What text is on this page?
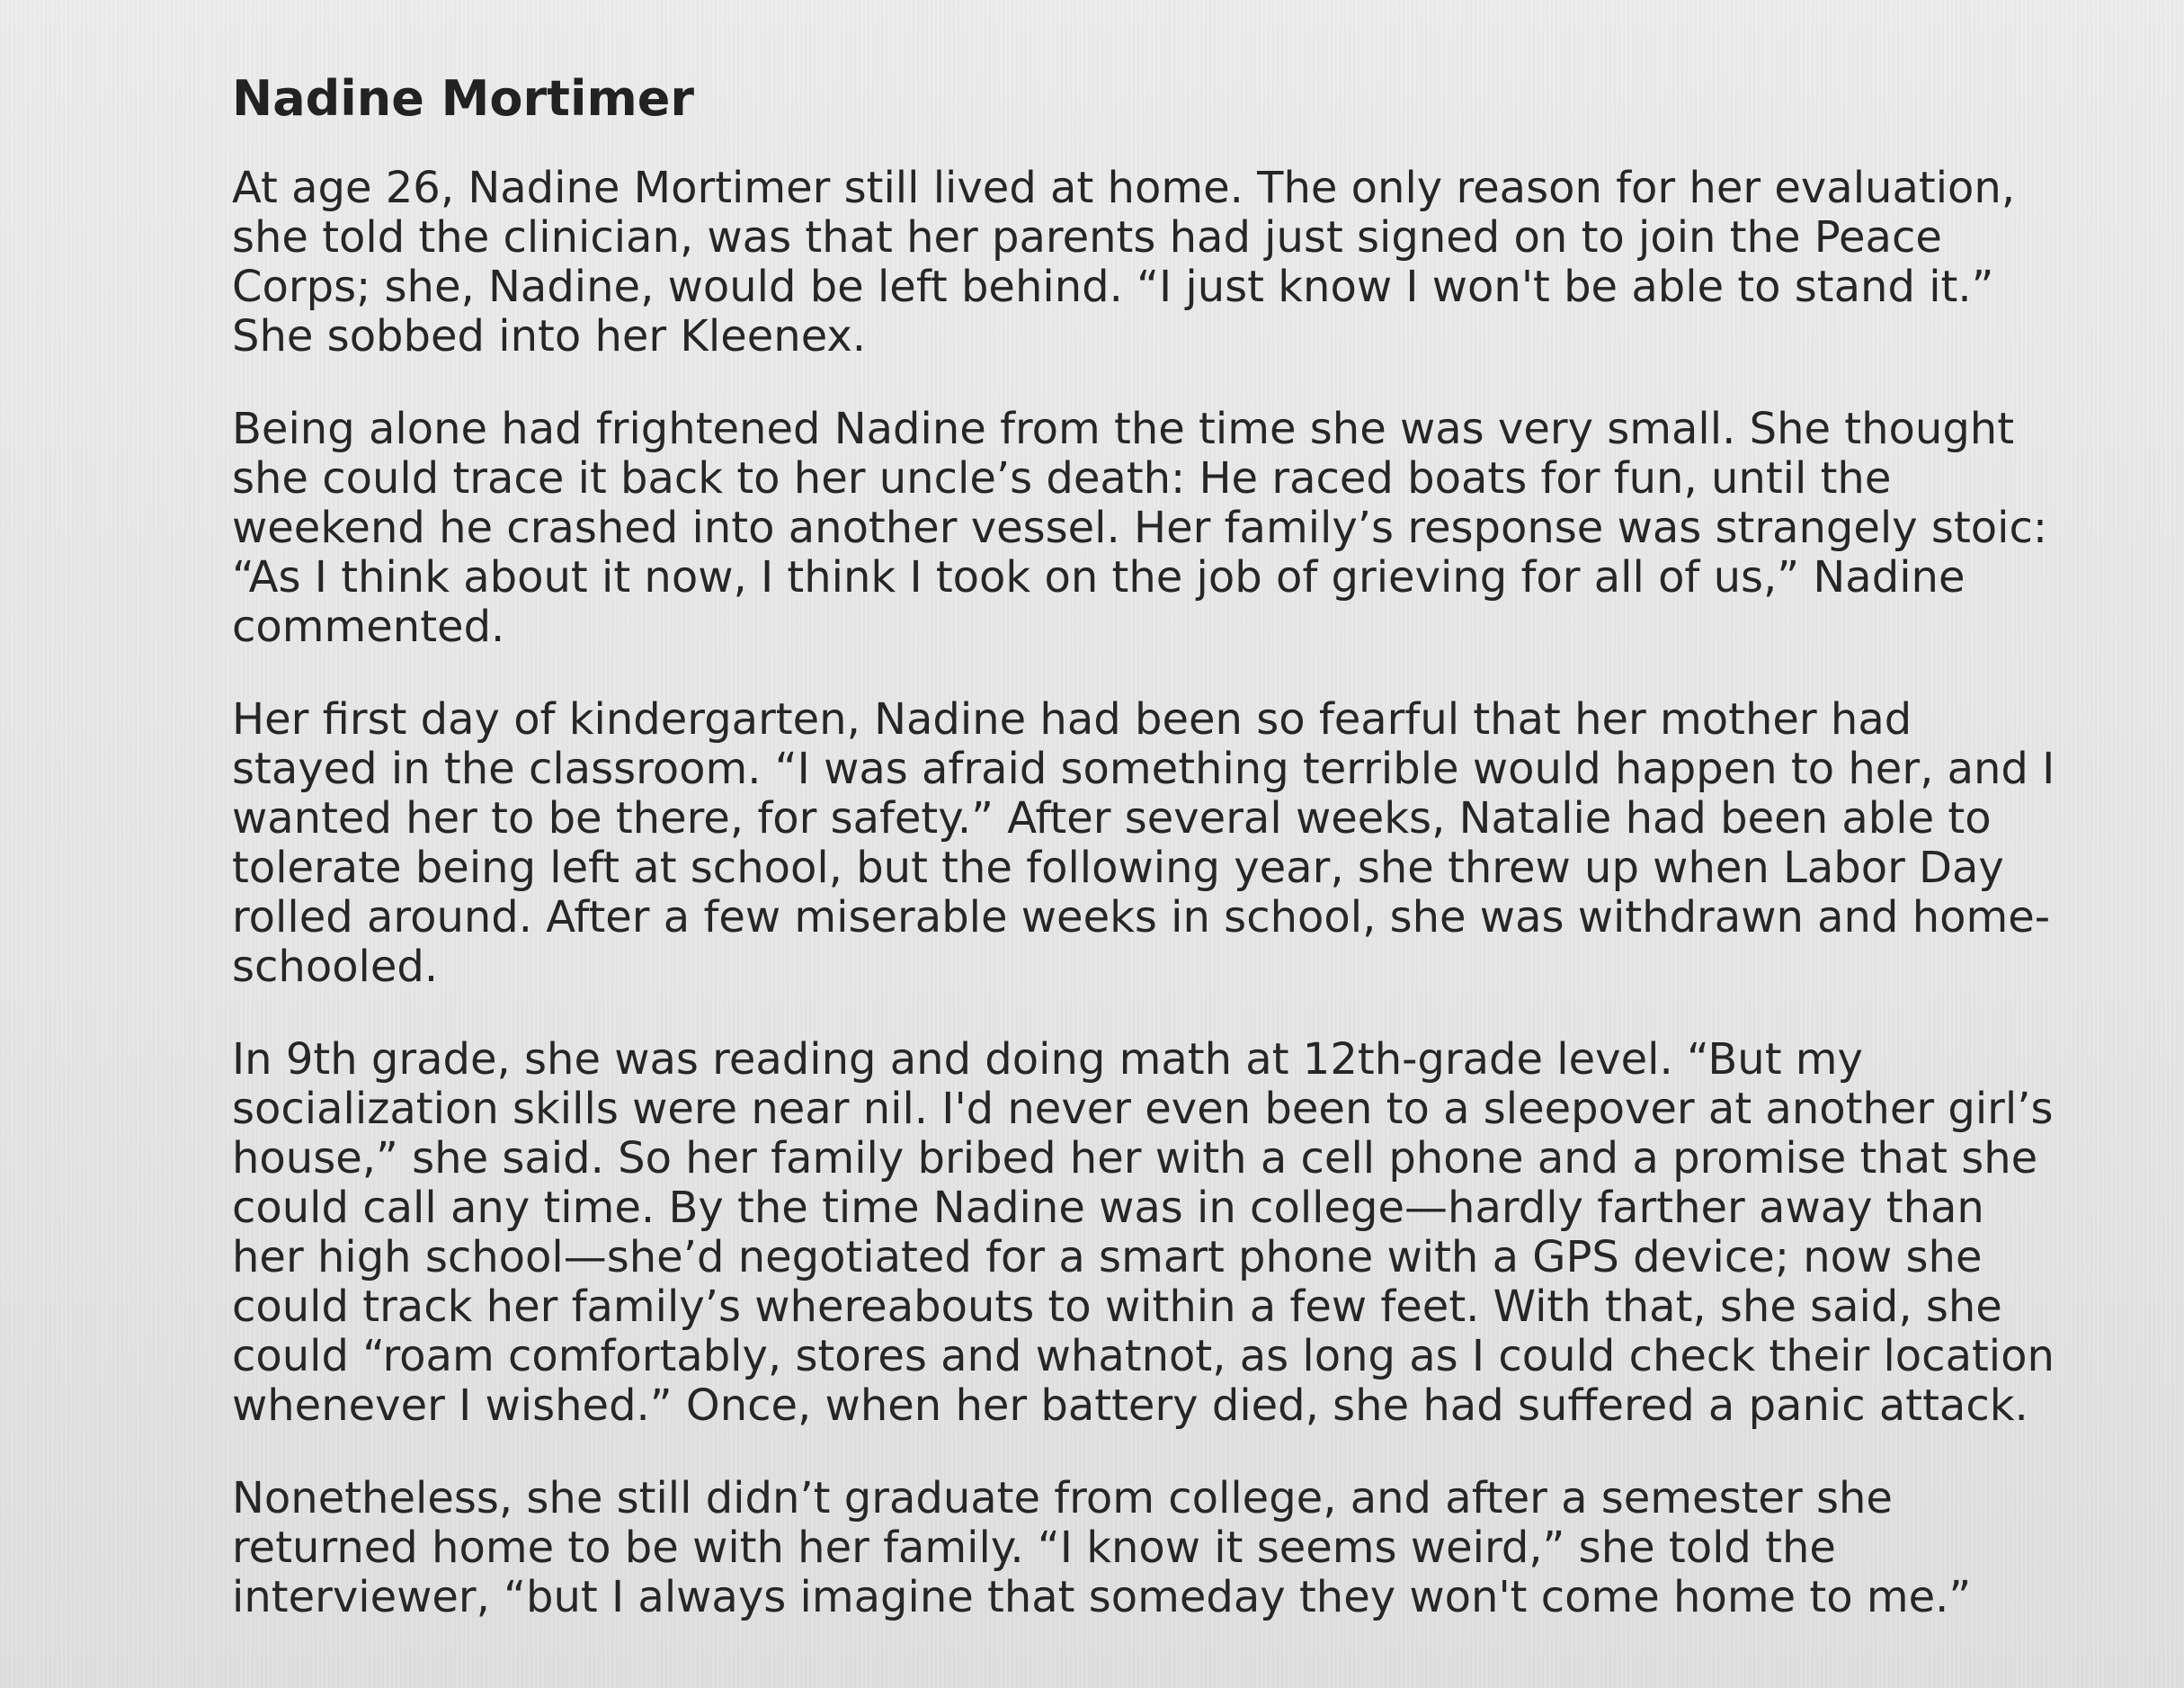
Nadine Mortimer
At age 26, Nadine Mortimer still lived at home. The only reason for her evaluation,
she told the clinician, was that her parents had just signed on to join the Peace
Corps; she, Nadine, would be left behind. “I just know I won't be able to stand it.”
She sobbed into her Kleenex.
Being alone had frightened Nadine from the time she was very small. She thought
she could trace it back to her uncle’s death: He raced boats for fun, until the
weekend he crashed into another vessel. Her family’s response was strangely stoic:
“As I think about it now, I think I took on the job of grieving for all of us,” Nadine
commented.
Her first day of kindergarten, Nadine had been so fearful that her mother had
stayed in the classroom. “I was afraid something terrible would happen to her, and I
wanted her to be there, for safety.” After several weeks, Natalie had been able to
tolerate being left at school, but the following year, she threw up when Labor Day
rolled around. After a few miserable weeks in school, she was withdrawn and home-
schooled.
In 9th grade, she was reading and doing math at 12th-grade level. “But my
socialization skills were near nil. I'd never even been to a sleepover at another girl’s
house,” she said. So her family bribed her with a cell phone and a promise that she
could call any time. By the time Nadine was in college—hardly farther away than
her high school—she’d negotiated for a smart phone with a GPS device; now she
could track her family’s whereabouts to within a few feet. With that, she said, she
could “roam comfortably, stores and whatnot, as long as I could check their location
whenever I wished.” Once, when her battery died, she had suffered a panic attack.
Nonetheless, she still didn’t graduate from college, and after a semester she
returned home to be with her family. “I know it seems weird,” she told the
interviewer, “but I always imagine that someday they won't come home to me.”
